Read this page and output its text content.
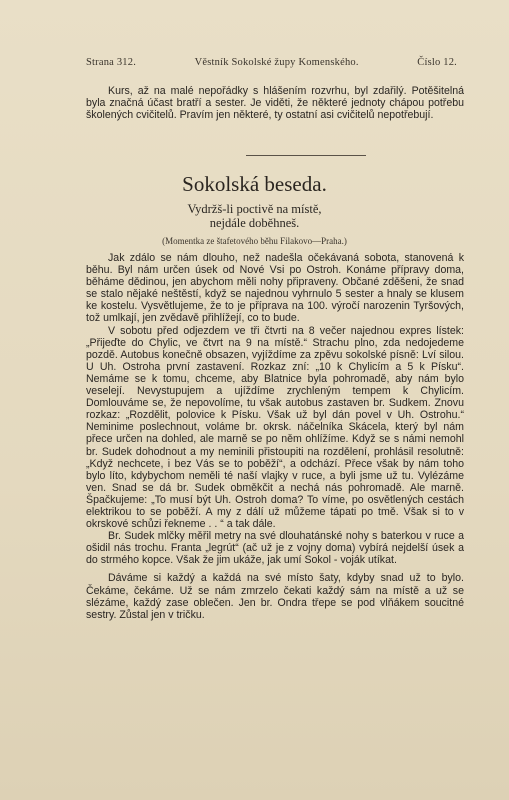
Strana 312.	Věstník Sokolské župy Komenského.	Číslo 12.

Kurs, až na malé nepořádky s hlášením rozvrhu, byl zdařilý. Potěšitelná byla značná účast bratří a sester. Je viděti, že některé jednoty chápou potřebu školených cvičitelů. Pravím jen některé, ty ostatní asi cvičitelů nepotřebují.

Sokolská beseda.
Vydržš-li poctivě na místě,
nejdále doběhneš.
(Momentka ze štafetového běhu Filakovo—Praha.)

Jak zdálo se nám dlouho, než nadešla očekávaná sobota, stanovená k běhu. Byl nám určen úsek od Nové Vsi po Ostroh. Konáme přípravy doma, běháme dědinou, jen abychom měli nohy připraveny. Občané zděšeni, že snad se stalo nějaké neštěstí, když se najednou vyhrnulo 5 sester a hnaly se klusem ke kostelu. Vysvětlujeme, že to je příprava na 100. výročí narozenin Tyršových, tož umlkají, jen zvědavě přihlížejí, co to bude.

V sobotu před odjezdem ve tři čtvrti na 8 večer najednou expres lístek: „Přijeďte do Chylic, ve čtvrt na 9 na místě.“ Strachu plno, zda nedojedeme pozdě. Autobus konečně obsazen, vyjíždíme za zpěvu sokolské písně: Lví silou. U Uh. Ostroha první zastavení. Rozkaz zní: „10 k Chylicím a 5 k Písku“. Nemáme se k tomu, chceme, aby Blatnice byla pohromadě, aby nám bylo veselejí. Nevystupujem a ujíždíme zrychleným tempem k Chylicím. Domlouváme se, že nepovolíme, tu však autobus zastaven br. Sudkem. Znovu rozkaz: „Rozdělit, polovice k Písku. Však už byl dán povel v Uh. Ostrohu.“ Neminime poslechnout, voláme br. okrsk. náčelníka Skácela, který byl nám přece určen na dohled, ale marně se po něm ohlížíme. Když se s námi nemohl br. Sudek dohodnout a my neminili přistoupiti na rozdělení, prohlásil resolutně: „Když nechcete, i bez Vás se to poběží“, a odchází. Přece však by nám toho bylo líto, kdybychom neměli té naší vlajky v ruce, a byli jsme už tu. Vylézáme ven. Snad se dá br. Sudek obměkčit a nechá nás pohromadě. Ale marně. Špačkujeme: „To musí být Uh. Ostroh doma? To víme, po osvětlených cestách elektrikou to se poběží. A my z dálí už můžeme tápati po tmě. Však si to v okrskové schůzi řekneme . . “ a tak dále.

Br. Sudek mlčky měřil metry na své dlouhatánské nohy s baterkou v ruce a ošidil nás trochu. Franta „legrút“ (ač už je z vojny doma) vybírá nejdelší úsek a do strmého kopce. Však že jim ukáže, jak umí Sokol - voják utíkat.

Dáváme si každý a každá na své místo šaty, kdyby snad už to bylo. Čekáme, čekáme. Už se nám zmrzelo čekati každý sám na místě a už se slézáme, každý zase oblečen. Jen br. Ondra třepe se pod vlňákem soucitné sestry. Zůstal jen v tričku.
